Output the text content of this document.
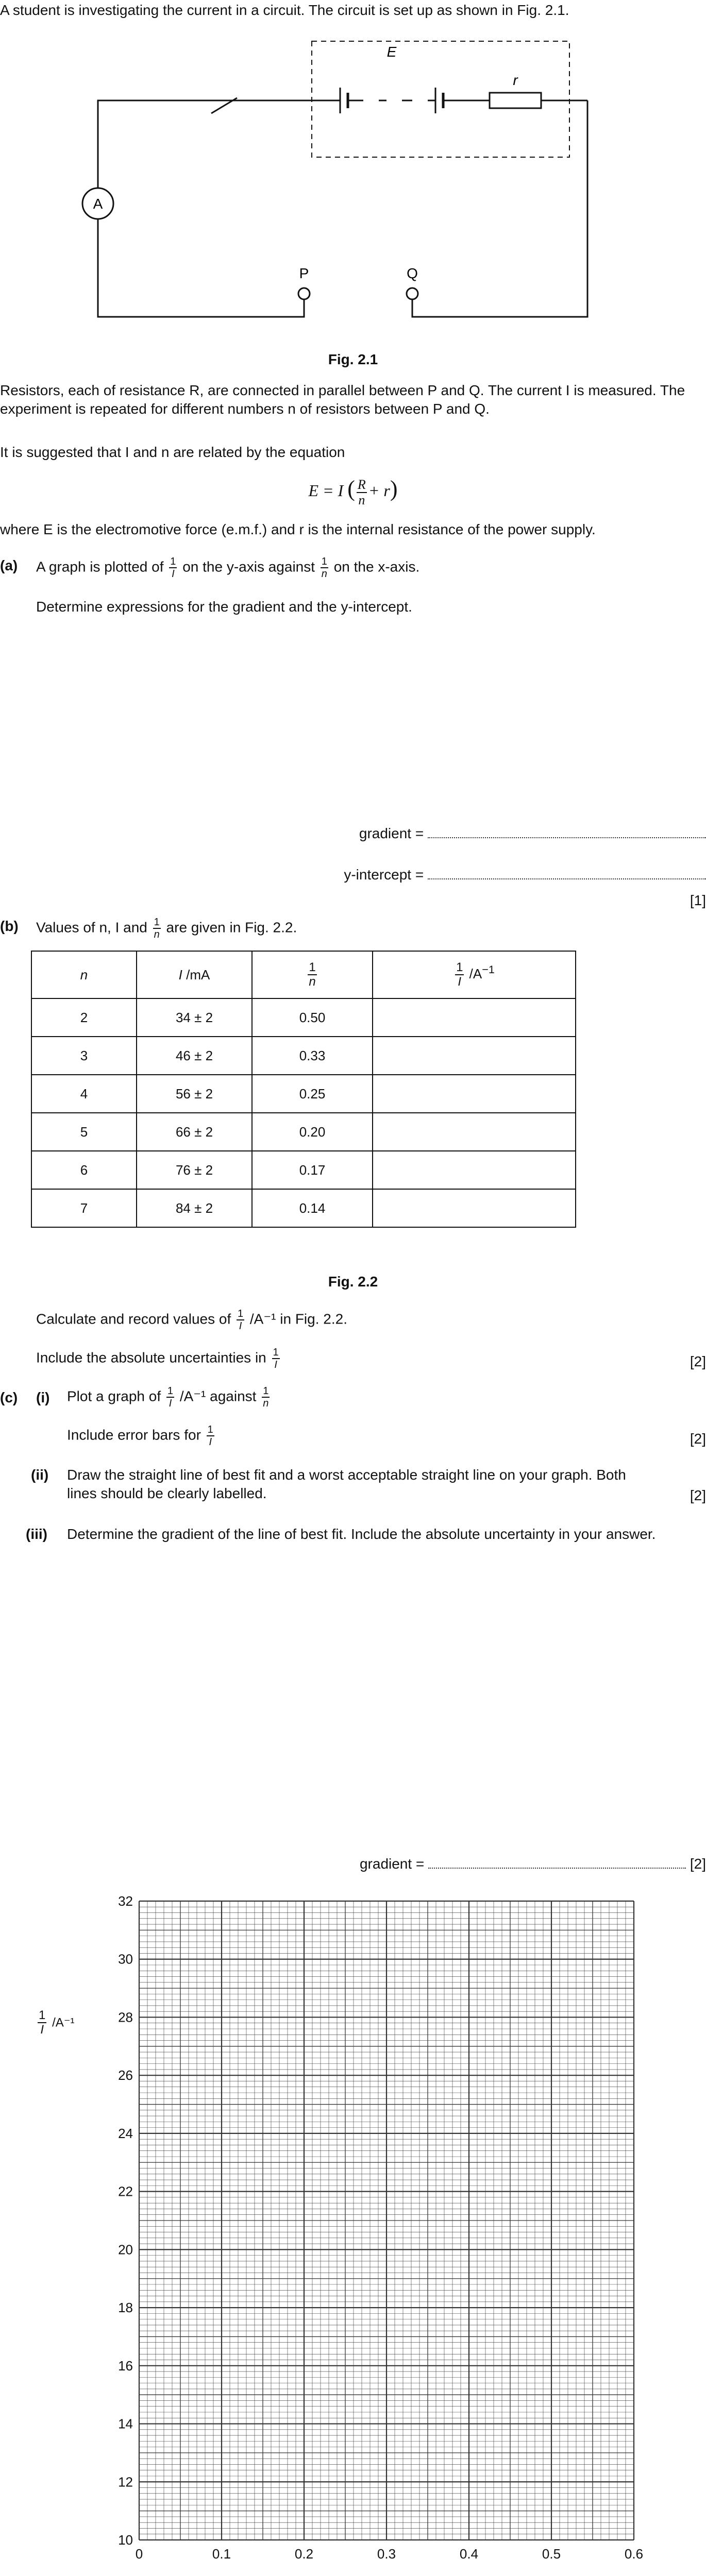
A student is investigating the current in a circuit. The circuit is set up as shown in Fig. 2.1.
A
E
r
P	Q
Fig. 2.1
Resistors, each of resistance R, are connected in parallel between P and Q. The current I is measured. The experiment is repeated for different numbers n of resistors between P and Q.
It is suggested that I and n are related by the equation
E = I ( $\frac{R}{n} + r$)
where E is the electromotive force (e.m.f.) and r is the internal resistance of the power supply.
(a) A graph is plotted of $\frac{1}{I}$ on the y-axis against $\frac{1}{n}$ on the x-axis.
Determine expressions for the gradient and the y-intercept.
gradient =
y-intercept =
[1]
(b) Values of n, I and $\frac{1}{n}$ are given in Fig. 2.2.
n	I /mA	$\frac{1}{n}$	$\frac{1}{I} /A^{-1}$
2	34 ± 2	0.50	
3	46 ± 2	0.33	
4	56 ± 2	0.25	
5	66 ± 2	0.20	
6	76 ± 2	0.17	
7	84 ± 2	0.14	
Fig. 2.2
Calculate and record values of $\frac{1}{I} /A^{-1}$ in Fig. 2.2.
Include the absolute uncertainties in $\frac{1}{I}$	[2]
(c) (i) Plot a graph of $\frac{1}{I} /A^{-1}$ against $\frac{1}{n}$
Include error bars for $\frac{1}{I}$	[2]
(ii) Draw the straight line of best fit and a worst acceptable straight line on your graph. Both lines should be clearly labelled.	[2]
(iii) Determine the gradient of the line of best fit. Include the absolute uncertainty in your answer.
gradient =	[2]
10
12
14
16
18
20
22
24
26
28
30
32
0	0.1	0.2	0.3	0.4	0.5	0.6
$\frac{1}{I} /A^{-1}$
